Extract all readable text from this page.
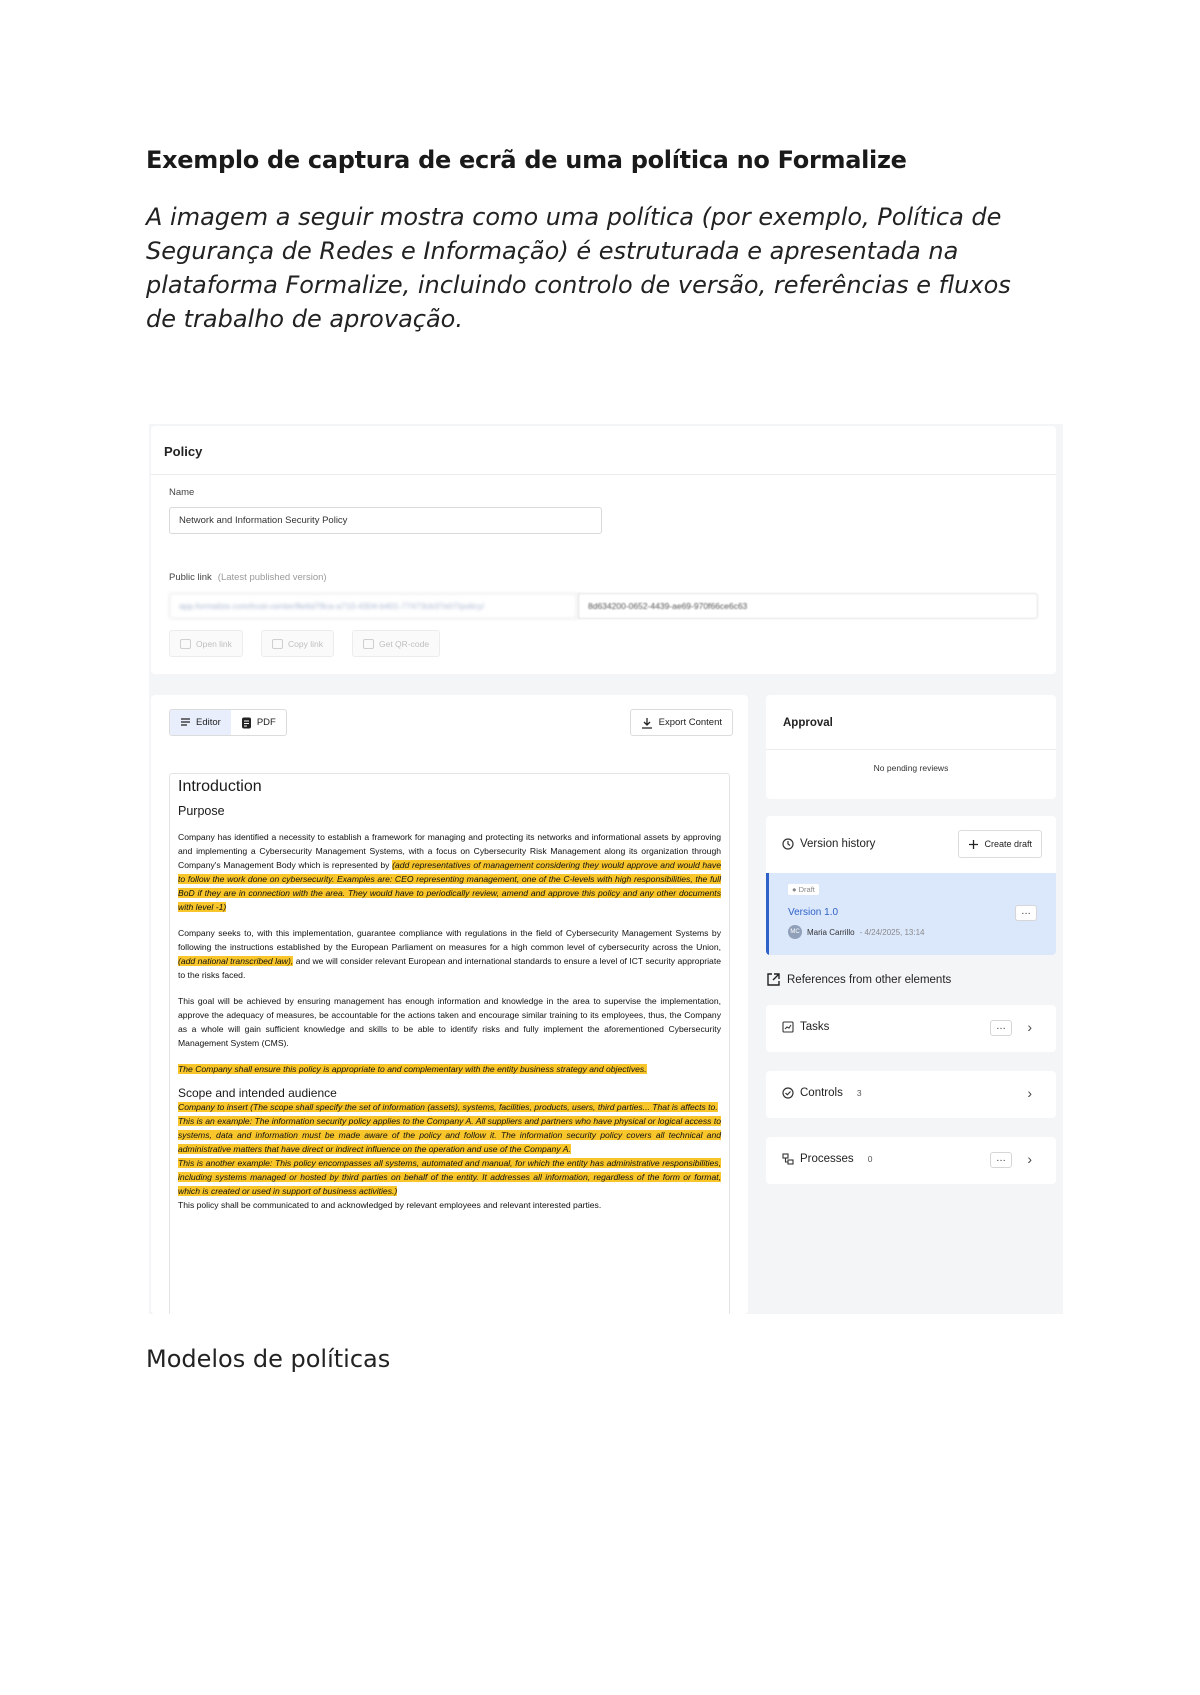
Exemplo de captura de ecrã de uma política no Formalize
A imagem a seguir mostra como uma política (por exemplo, Política de Segurança de Redes e Informação) é estruturada e apresentada na plataforma Formalize, incluindo controlo de versão, referências e fluxos de trabalho de aprovação.
Policy
Name
Network and Information Security Policy
Public link (Latest published version)
app.formalize.com/trust-center/8e6d78ca-a710-4304-b401-77473cb37e07/policy/	8d634200-0652-4439-ae69-970f66ce6c63
Open link	Copy link	Get QR-code
Editor	PDF	Export Content
Introduction
Purpose

Company has identified a necessity to establish a framework for managing and protecting its networks and informational assets by approving and implementing a Cybersecurity Management Systems, with a focus on Cybersecurity Risk Management along its organization through Company's Management Body which is represented by (add representatives of management considering they would approve and would have to follow the work done on cybersecurity. Examples are: CEO representing management, one of the C-levels with high responsibilities, the full BoD if they are in connection with the area. They would have to periodically review, amend and approve this policy and any other documents with level -1)

Company seeks to, with this implementation, guarantee compliance with regulations in the field of Cybersecurity Management Systems by following the instructions established by the European Parliament on measures for a high common level of cybersecurity across the Union, (add national transcribed law), and we will consider relevant European and international standards to ensure a level of ICT security appropriate to the risks faced.

This goal will be achieved by ensuring management has enough information and knowledge in the area to supervise the implementation, approve the adequacy of measures, be accountable for the actions taken and encourage similar training to its employees, thus, the Company as a whole will gain sufficient knowledge and skills to be able to identify risks and fully implement the aforementioned Cybersecurity Management System (CMS).

The Company shall ensure this policy is appropriate to and complementary with the entity business strategy and objectives.

Scope and intended audience

Company to insert (The scope shall specify the set of information (assets), systems, facilities, products, users, third parties... That is affects to.

This is an example: The information security policy applies to the Company A. All suppliers and partners who have physical or logical access to systems, data and information must be made aware of the policy and follow it. The information security policy covers all technical and administrative matters that have direct or indirect influence on the operation and use of the Company A.

This is another example: This policy encompasses all systems, automated and manual, for which the entity has administrative responsibilities, including systems managed or hosted by third parties on behalf of the entity. It addresses all information, regardless of the form or format, which is created or used in support of business activities.)

This policy shall be communicated to and acknowledged by relevant employees and relevant interested parties.

Approval
No pending reviews
Version history	Create draft
● Draft
Version 1.0
MC Maria Carrillo - 4/24/2025, 13:14
…
References from other elements
Tasks	…	›
Controls 3	›
Processes 0	…	›
Modelos de políticas
